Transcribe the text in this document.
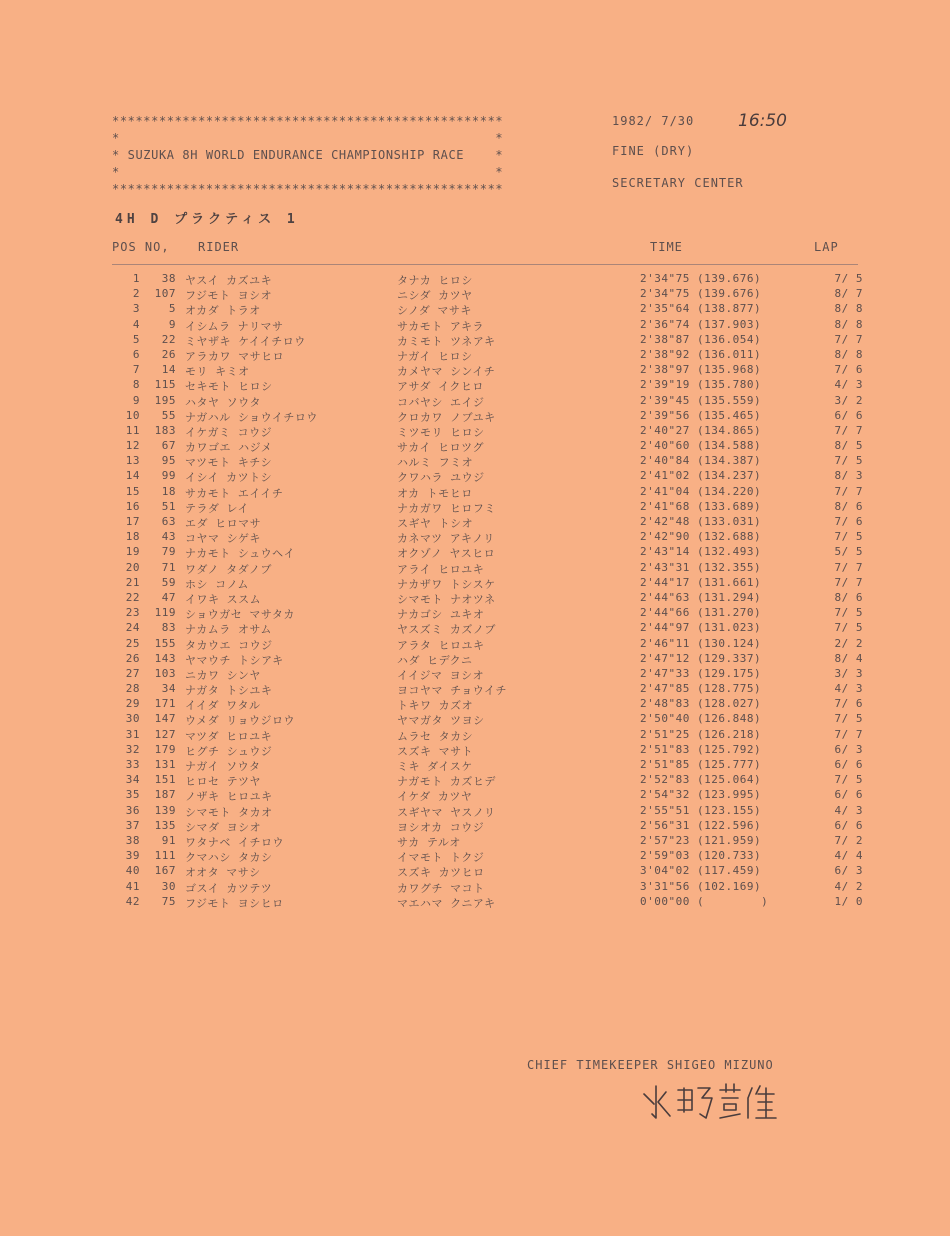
**************************************************
*                                                *
* SUZUKA 8H WORLD ENDURANCE CHAMPIONSHIP RACE    *
*                                                *
**************************************************
1982/ 7/30
FINE (DRY)
SECRETARY CENTER
16:50
4H D プラクティス 1
POS NO, RIDER	TIME	LAP
1	38 ヤスイ カズユキ	タナカ ヒロシ	2'34"75 (139.676)	7/ 5
2	107 フジモト ヨシオ	ニシダ カツヤ	2'34"75 (139.676)	8/ 7
3	5 オカダ トラオ	シノダ マサキ	2'35"64 (138.877)	8/ 8
4	9 イシムラ ナリマサ	サカモト アキラ	2'36"74 (137.903)	8/ 8
5	22 ミヤザキ ケイイチロウ	カミモト ツネアキ	2'38"87 (136.054)	7/ 7
6	26 アラカワ マサヒロ	ナガイ ヒロシ	2'38"92 (136.011)	8/ 8
7	14 モリ キミオ	カメヤマ シンイチ	2'38"97 (135.968)	7/ 6
8	115 セキモト ヒロシ	アサダ イクヒロ	2'39"19 (135.780)	4/ 3
9	195 ハタヤ ソウタ	コバヤシ エイジ	2'39"45 (135.559)	3/ 2
10	55 ナガハル ショウイチロウ	クロカワ ノブユキ	2'39"56 (135.465)	6/ 6
11	183 イケガミ コウジ	ミツモリ ヒロシ	2'40"27 (134.865)	7/ 7
12	67 カワゴエ ハジメ	サカイ ヒロツグ	2'40"60 (134.588)	8/ 5
13	95 マツモト キチシ	ハルミ フミオ	2'40"84 (134.387)	7/ 5
14	99 イシイ カツトシ	クワハラ ユウジ	2'41"02 (134.237)	8/ 3
15	18 サカモト エイイチ	オカ トモヒロ	2'41"04 (134.220)	7/ 7
16	51 テラダ レイ	ナカガワ ヒロフミ	2'41"68 (133.689)	8/ 6
17	63 エダ ヒロマサ	スギヤ トシオ	2'42"48 (133.031)	7/ 6
18	43 コヤマ シゲキ	カネマツ アキノリ	2'42"90 (132.688)	7/ 5
19	79 ナカモト シュウヘイ	オクゾノ ヤスヒロ	2'43"14 (132.493)	5/ 5
20	71 ワダノ タダノブ	アライ ヒロユキ	2'43"31 (132.355)	7/ 7
21	59 ホシ コノム	ナカザワ トシスケ	2'44"17 (131.661)	7/ 7
22	47 イワキ ススム	シマモト ナオツネ	2'44"63 (131.294)	8/ 6
23	119 ショウガセ マサタカ	ナカゴシ ユキオ	2'44"66 (131.270)	7/ 5
24	83 ナカムラ オサム	ヤスズミ カズノブ	2'44"97 (131.023)	7/ 5
25	155 タカウエ コウジ	アラタ ヒロユキ	2'46"11 (130.124)	2/ 2
26	143 ヤマウチ トシアキ	ハダ ヒデクニ	2'47"12 (129.337)	8/ 4
27	103 ニカワ シンヤ	イイジマ ヨシオ	2'47"33 (129.175)	3/ 3
28	34 ナガタ トシユキ	ヨコヤマ チョウイチ	2'47"85 (128.775)	4/ 3
29	171 イイダ ワタル	トキワ カズオ	2'48"83 (128.027)	7/ 6
30	147 ウメダ リョウジロウ	ヤマガタ ツヨシ	2'50"40 (126.848)	7/ 5
31	127 マツダ ヒロユキ	ムラセ タカシ	2'51"25 (126.218)	7/ 7
32	179 ヒグチ シュウジ	スズキ マサト	2'51"83 (125.792)	6/ 3
33	131 ナガイ ソウタ	ミキ ダイスケ	2'51"85 (125.777)	6/ 6
34	151 ヒロセ テツヤ	ナガモト カズヒデ	2'52"83 (125.064)	7/ 5
35	187 ノザキ ヒロユキ	イケダ カツヤ	2'54"32 (123.995)	6/ 6
36	139 シマモト タカオ	スギヤマ ヤスノリ	2'55"51 (123.155)	4/ 3
37	135 シマダ ヨシオ	ヨシオカ コウジ	2'56"31 (122.596)	6/ 6
38	91 ワタナベ イチロウ	サカ テルオ	2'57"23 (121.959)	7/ 2
39	111 クマハシ タカシ	イマモト トクジ	2'59"03 (120.733)	4/ 4
40	167 オオタ マサシ	スズキ カツヒロ	3'04"02 (117.459)	6/ 3
41	30 ゴスイ カツテツ	カワグチ マコト	3'31"56 (102.169)	4/ 2
42	75 フジモト ヨシヒロ	マエハマ クニアキ	0'00"00 (        )	1/ 0
CHIEF TIMEKEEPER SHIGEO MIZUNO
